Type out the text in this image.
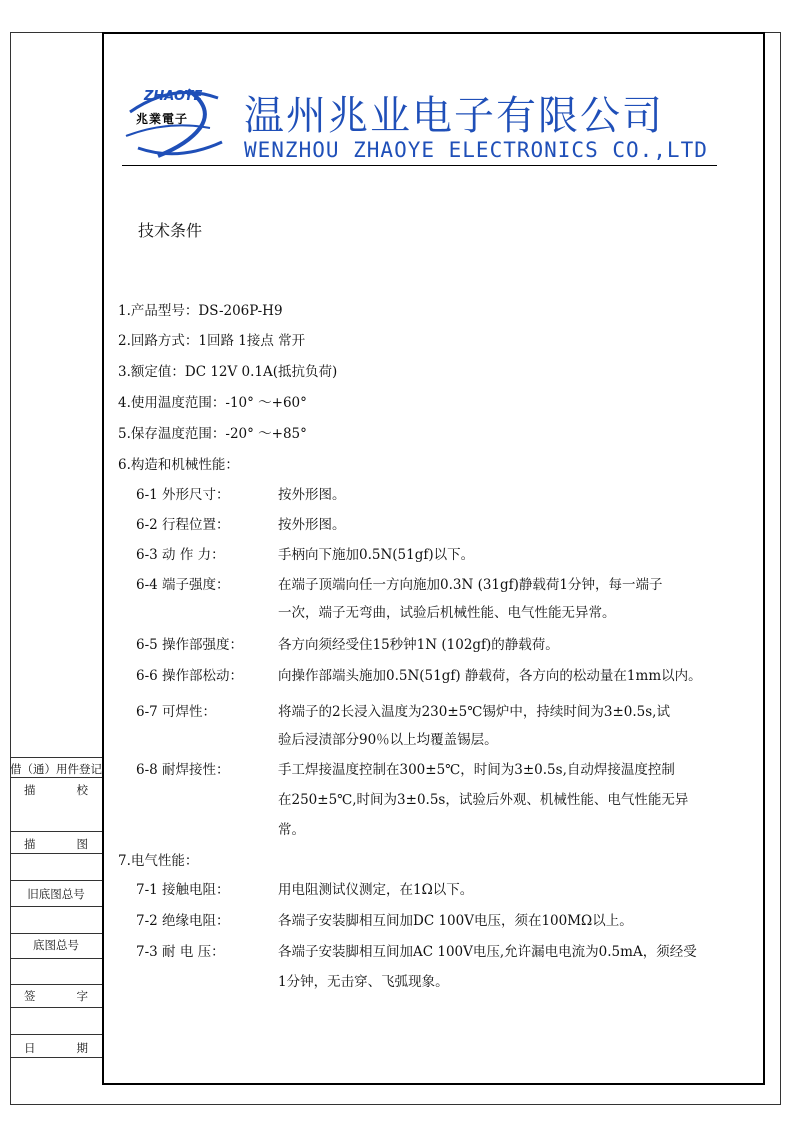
ZHAOYE
兆業電子 温州兆业电子有限公司
WENZHOU ZHAOYE ELECTRONICS CO.,LTD
技术条件
1.产品型号：DS-206P-H9
2.回路方式：1回路 1接点 常开
3.额定值：DC 12V 0.1A(抵抗负荷)
4.使用温度范围：-10° ～+60°
5.保存温度范围：-20° ～+85°
6.构造和机械性能：
6-1 外形尺寸：	按外形图。
6-2 行程位置：	按外形图。
6-3 动 作 力：	手柄向下施加0.5N(51gf)以下。
6-4 端子强度：	在端子顶端向任一方向施加0.3N (31gf)静载荷1分钟，每一端子
一次，端子无弯曲，试验后机械性能、电气性能无异常。
6-5 操作部强度：	各方向须经受住15秒钟1N (102gf)的静载荷。
6-6 操作部松动：	向操作部端头施加0.5N(51gf) 静载荷，各方向的松动量在1mm以内。
6-7 可焊性：	将端子的2长浸入温度为230±5℃锡炉中，持续时间为3±0.5s,试
验后浸渍部分90％以上均覆盖锡层。
6-8 耐焊接性：	手工焊接温度控制在300±5℃，时间为3±0.5s,自动焊接温度控制
在250±5℃,时间为3±0.5s，试验后外观、机械性能、电气性能无异
常。
7.电气性能：
7-1 接触电阻：	用电阻测试仪测定，在1Ω以下。
7-2 绝缘电阻：	各端子安装脚相互间加DC 100V电压，须在100MΩ以上。
7-3 耐 电 压：	各端子安装脚相互间加AC 100V电压,允许漏电电流为0.5mA，须经受
1分钟，无击穿、飞弧现象。
借（通）用件登记
描	校
描	图
旧底图总号
底图总号
签	字
日	期
